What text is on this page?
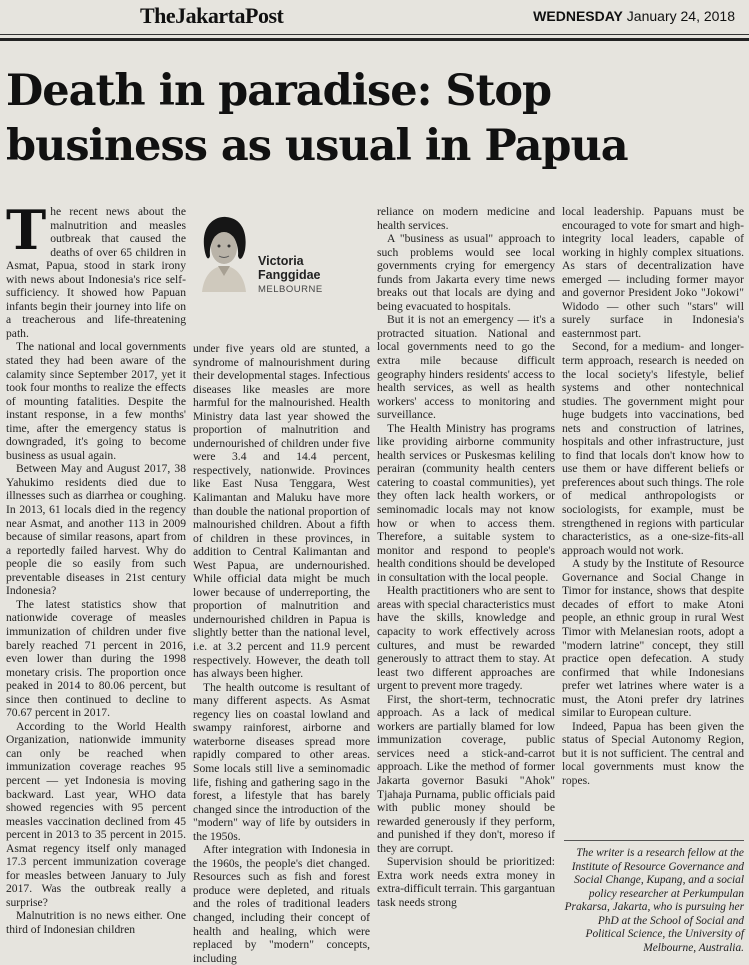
TheJakartaPost	WEDNESDAY January 24, 2018
Death in paradise: Stop
business as usual in Papua

The recent news about the malnutrition and measles outbreak that caused the deaths of over 65 children in Asmat, Papua, stood in stark irony with news about Indonesia's rice self-sufficiency. It showed how Papuan infants begin their journey into life on a treacherous and life-threatening path.

The national and local governments stated they had been aware of the calamity since September 2017, yet it took four months to realize the effects of mounting fatalities. Despite the instant response, in a few months' time, after the emergency status is downgraded, it's going to become business as usual again.

Between May and August 2017, 38 Yahukimo residents died due to illnesses such as diarrhea or coughing. In 2013, 61 locals died in the regency near Asmat, and another 113 in 2009 because of similar reasons, apart from a reportedly failed harvest. Why do people die so easily from such preventable diseases in 21st century Indonesia?

The latest statistics show that nationwide coverage of measles immunization of children under five barely reached 71 percent in 2016, even lower than during the 1998 monetary crisis. The proportion once peaked in 2014 to 80.06 percent, but since then continued to decline to 70.67 percent in 2017.

According to the World Health Organization, nationwide immunity can only be reached when immunization coverage reaches 95 percent — yet Indonesia is moving backward. Last year, WHO data showed regencies with 95 percent measles vaccination declined from 45 percent in 2013 to 35 percent in 2015. Asmat regency itself only managed 17.3 percent immunization coverage for measles between January to July 2017. Was the outbreak really a surprise?

Malnutrition is no news either. One third of Indonesian children

Victoria
Fanggidae
MELBOURNE

under five years old are stunted, a syndrome of malnourishment during their developmental stages. Infectious diseases like measles are more harmful for the malnourished. Health Ministry data last year showed the proportion of malnutrition and undernourished of children under five were 3.4 and 14.4 percent, respectively, nationwide. Provinces like East Nusa Tenggara, West Kalimantan and Maluku have more than double the national proportion of malnourished children. About a fifth of children in these provinces, in addition to Central Kalimantan and West Papua, are undernourished. While official data might be much lower because of underreporting, the proportion of malnutrition and undernourished children in Papua is slightly better than the national level, i.e. at 3.2 percent and 11.9 percent respectively. However, the death toll has always been higher.

The health outcome is resultant of many different aspects. As Asmat regency lies on coastal lowland and swampy rainforest, airborne and waterborne diseases spread more rapidly compared to other areas. Some locals still live a seminomadic life, fishing and gathering sago in the forest, a lifestyle that has barely changed since the introduction of the "modern" way of life by outsiders in the 1950s.

After integration with Indonesia in the 1960s, the people's diet changed. Resources such as fish and forest produce were depleted, and rituals and the roles of traditional leaders changed, including their concept of health and healing, which were replaced by "modern" concepts, including

reliance on modern medicine and health services.

A "business as usual" approach to such problems would see local governments crying for emergency funds from Jakarta every time news breaks out that locals are dying and being evacuated to hospitals.

But it is not an emergency — it's a protracted situation. National and local governments need to go the extra mile because difficult geography hinders residents' access to health services, as well as health workers' access to monitoring and surveillance.

The Health Ministry has programs like providing airborne community health services or Puskesmas keliling perairan (community health centers catering to coastal communities), yet they often lack health workers, or seminomadic locals may not know how or when to access them. Therefore, a suitable system to monitor and respond to people's health conditions should be developed in consultation with the local people.

Health practitioners who are sent to areas with special characteristics must have the skills, knowledge and capacity to work effectively across cultures, and must be rewarded generously to attract them to stay. At least two different approaches are urgent to prevent more tragedy.

First, the short-term, technocratic approach. As a lack of medical workers are partially blamed for low immunization coverage, public services need a stick-and-carrot approach. Like the method of former Jakarta governor Basuki "Ahok" Tjahaja Purnama, public officials paid with public money should be rewarded generously if they perform, and punished if they don't, moreso if they are corrupt.

Supervision should be prioritized: Extra work needs extra money in extra-difficult terrain. This gargantuan task needs strong

local leadership. Papuans must be encouraged to vote for smart and high-integrity local leaders, capable of working in highly complex situations. As stars of decentralization have emerged — including former mayor and governor President Joko "Jokowi" Widodo — other such "stars" will surely surface in Indonesia's easternmost part.

Second, for a medium- and longer-term approach, research is needed on the local society's lifestyle, belief systems and other nontechnical studies. The government might pour huge budgets into vaccinations, bed nets and construction of latrines, hospitals and other infrastructure, just to find that locals don't know how to use them or have different beliefs or preferences about such things. The role of medical anthropologists or sociologists, for example, must be strengthened in regions with particular characteristics, as a one-size-fits-all approach would not work.

A study by the Institute of Resource Governance and Social Change in Timor for instance, shows that despite decades of effort to make Atoni people, an ethnic group in rural West Timor with Melanesian roots, adopt a "modern latrine" concept, they still practice open defecation. A study confirmed that while Indonesians prefer wet latrines where water is a must, the Atoni prefer dry latrines similar to European culture.

Indeed, Papua has been given the status of Special Autonomy Region, but it is not sufficient. The central and local governments must know the ropes.

The writer is a research fellow at the Institute of Resource Governance and Social Change, Kupang, and a social policy researcher at Perkumpulan Prakarsa, Jakarta, who is pursuing her PhD at the School of Social and Political Science, the University of Melbourne, Australia.
